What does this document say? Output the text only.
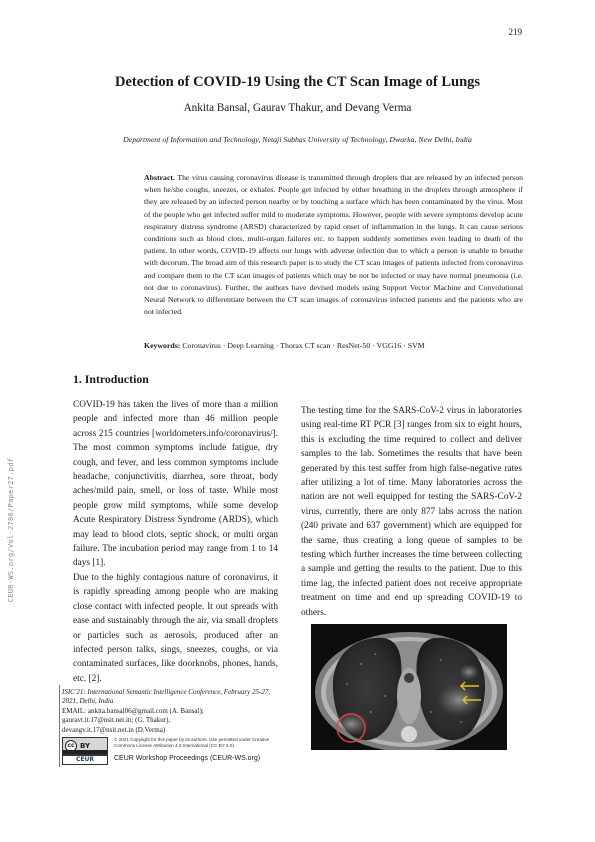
219
Detection of COVID-19 Using the CT Scan Image of Lungs
Ankita Bansal, Gaurav Thakur, and Devang Verma
Department of Information and Technology, Netaji Subhas University of Technology, Dwarka, New Delhi, India
Abstract. The virus causing coronavirus disease is transmitted through droplets that are released by an infected person when he/she coughs, sneezes, or exhales. People get infected by either breathing in the droplets through atmosphere if they are released by an infected person nearby or by touching a surface which has been contaminated by the virus. Most of the people who get infected suffer mild to moderate symptoms. However, people with severe symptoms develop acute respiratory distress syndrome (ARSD) characterized by rapid onset of inflammation in the lungs. It can cause serious conditions such as blood clots, multi-organ failures etc. to happen suddenly sometimes even leading to death of the patient. In other words, COVID-19 affects our lungs with adverse infection due to which a person is unable to breathe with decorum. The broad aim of this research paper is to study the CT scan images of patients infected from coronavirus and compare them to the CT scan images of patients which may be not be infected or may have normal pneumonia (i.e. not due to coronavirus). Further, the authors have devised models using Support Vector Machine and Convolutional Neural Network to differentiate between the CT scan images of coronavirus infected patients and the patients who are not infected.
Keywords: Coronavirus · Deep Learning · Thorax CT scan · ResNet-50 · VGG16 · SVM
1. Introduction

COVID-19 has taken the lives of more than a million people and infected more than 46 million people across 215 countries [worldometers.info/coronavirus/]. The most common symptoms include fatigue, dry cough, and fever, and less common symptoms include headache, conjunctivitis, diarrhea, sore throat, body aches/mild pain, smell, or loss of taste. While most people grow mild symptoms, while some develop Acute Respiratory Distress Syndrome (ARDS), which may lead to blood clots, septic shock, or multi organ failure. The incubation period may range from 1 to 14 days [1].

Due to the highly contagious nature of coronavirus, it is rapidly spreading among people who are making close contact with infected people. It out spreads with ease and sustainably through the air, via small droplets or particles such as aerosols, produced after an infected person talks, sings, sneezes, coughs, or via contaminated surfaces, like doorknobs, phones, hands, etc. [2].

The testing time for the SARS-CoV-2 virus in laboratories using real-time RT PCR [3] ranges from six to eight hours, this is excluding the time required to collect and deliver samples to the lab. Sometimes the results that have been generated by this test suffer from high false-negative rates after utilizing a lot of time. Many laboratories across the nation are not well equipped for testing the SARS-CoV-2 virus, currently, there are only 877 labs across the nation (240 private and 637 government) which are equipped for the same, thus creating a long queue of samples to be testing which further increases the time between collecting a sample and getting the results to the patient. Due to this time lag, the infected patient does not receive appropriate treatment on time and end up spreading COVID-19 to others.

CEUR-WS.org/Vol-2786/Paper27.pdf
ISIC'21: International Semantic Intelligence Conference, February 25-27, 2021, Delhi, India
EMAIL: ankita.bansal06@gmail.com (A. Bansal);
gauravt.it.17@nsit.net.in; (G. Thakur),
devangv.it.17@nsit.net.in (D.Verma)
cc BY
© 2021 Copyright for this paper by its authors. Use permitted under Creative Commons License Attribution 4.0 International (CC BY 4.0).
CEUR	CEUR Workshop Proceedings (CEUR-WS.org)
